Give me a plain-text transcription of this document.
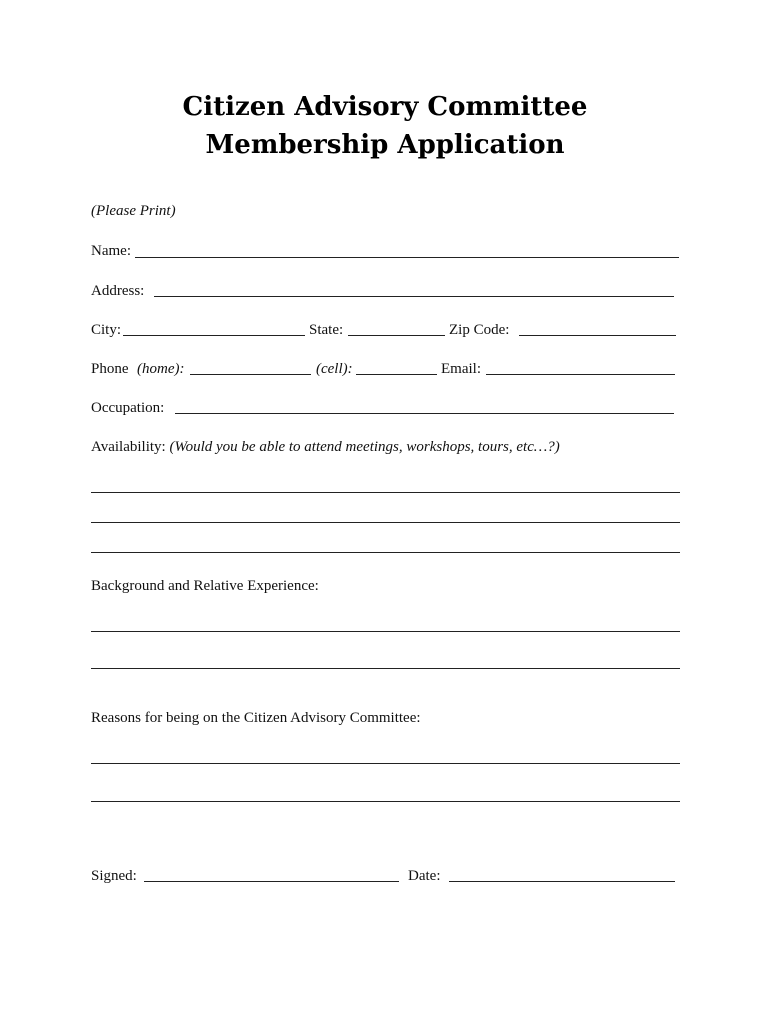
Citizen Advisory Committee
Membership Application
(Please Print)
Name:
Address:
City:	State:	Zip Code:
Phone (home):	(cell):	Email:
Occupation:
Availability: (Would you be able to attend meetings, workshops, tours, etc…?)
Background and Relative Experience:
Reasons for being on the Citizen Advisory Committee:
Signed:	Date:
